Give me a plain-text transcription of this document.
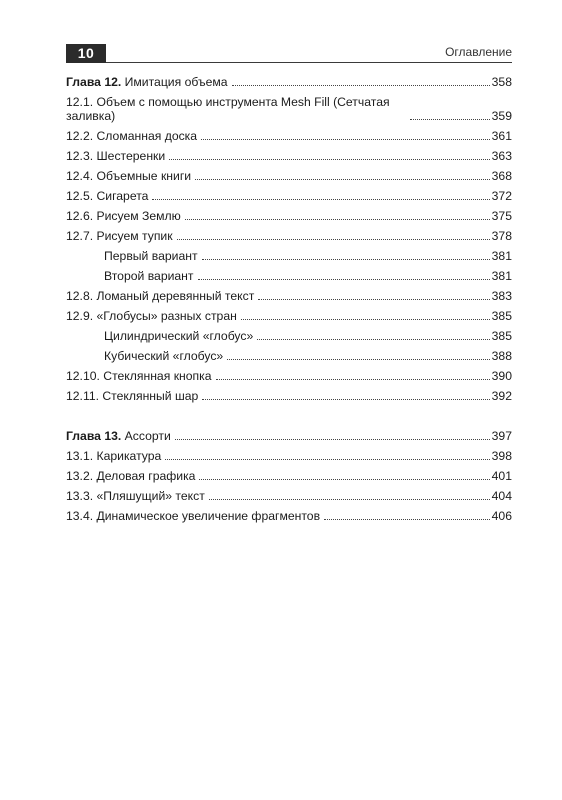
10	Оглавление
Глава 12. Имитация объема	358
12.1. Объем с помощью инструмента Mesh Fill (Сетчатая заливка)	359
12.2. Сломанная доска	361
12.3. Шестеренки	363
12.4. Объемные книги	368
12.5. Сигарета	372
12.6. Рисуем Землю	375
12.7. Рисуем тупик	378
Первый вариант	381
Второй вариант	381
12.8. Ломаный деревянный текст	383
12.9. «Глобусы» разных стран	385
Цилиндрический «глобус»	385
Кубический «глобус»	388
12.10. Стеклянная кнопка	390
12.11. Стеклянный шар	392
Глава 13. Ассорти	397
13.1. Карикатура	398
13.2. Деловая графика	401
13.3. «Пляшущий» текст	404
13.4. Динамическое увеличение фрагментов	406
